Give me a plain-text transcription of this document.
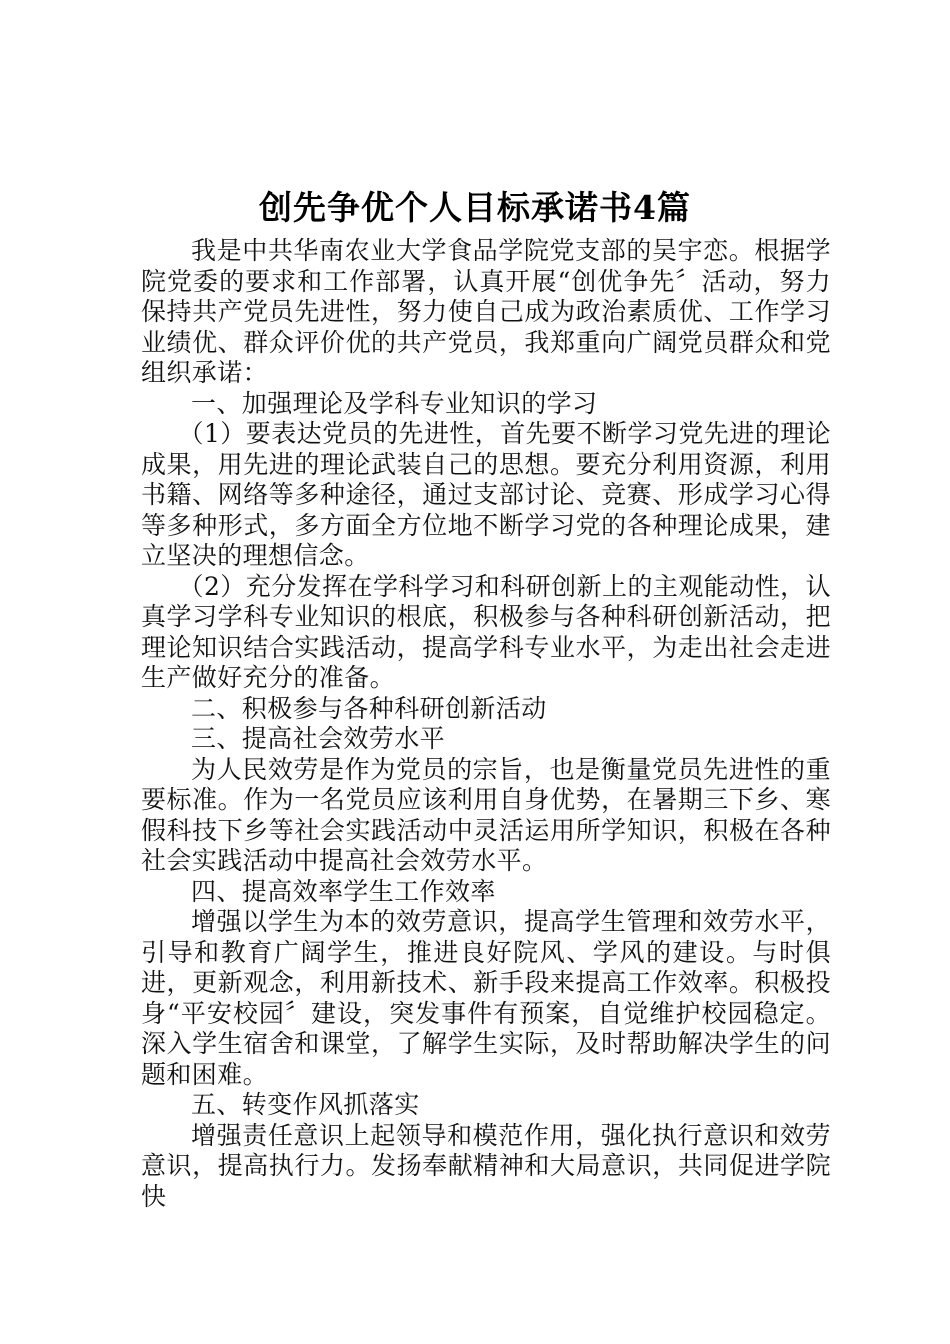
创先争优个人目标承诺书4篇

我是中共华南农业大学食品学院党支部的吴宇恋。根据学院党委的要求和工作部署，认真开展“创优争先〞活动，努力保持共产党员先进性，努力使自己成为政治素质优、工作学习业绩优、群众评价优的共产党员，我郑重向广阔党员群众和党组织承诺：

一、加强理论及学科专业知识的学习

（1）要表达党员的先进性，首先要不断学习党先进的理论成果，用先进的理论武装自己的思想。要充分利用资源，利用书籍、网络等多种途径，通过支部讨论、竞赛、形成学习心得等多种形式，多方面全方位地不断学习党的各种理论成果，建立坚决的理想信念。

（2）充分发挥在学科学习和科研创新上的主观能动性，认真学习学科专业知识的根底，积极参与各种科研创新活动，把理论知识结合实践活动，提高学科专业水平，为走出社会走进生产做好充分的准备。

二、积极参与各种科研创新活动

三、提高社会效劳水平

为人民效劳是作为党员的宗旨，也是衡量党员先进性的重要标准。作为一名党员应该利用自身优势，在暑期三下乡、寒假科技下乡等社会实践活动中灵活运用所学知识，积极在各种社会实践活动中提高社会效劳水平。

四、提高效率学生工作效率

增强以学生为本的效劳意识，提高学生管理和效劳水平，引导和教育广阔学生，推进良好院风、学风的建设。与时俱进，更新观念，利用新技术、新手段来提高工作效率。积极投身“平安校园〞建设，突发事件有预案，自觉维护校园稳定。深入学生宿舍和课堂，了解学生实际，及时帮助解决学生的问题和困难。

五、转变作风抓落实

增强责任意识上起领导和模范作用，强化执行意识和效劳意识，提高执行力。发扬奉献精神和大局意识，共同促进学院快
